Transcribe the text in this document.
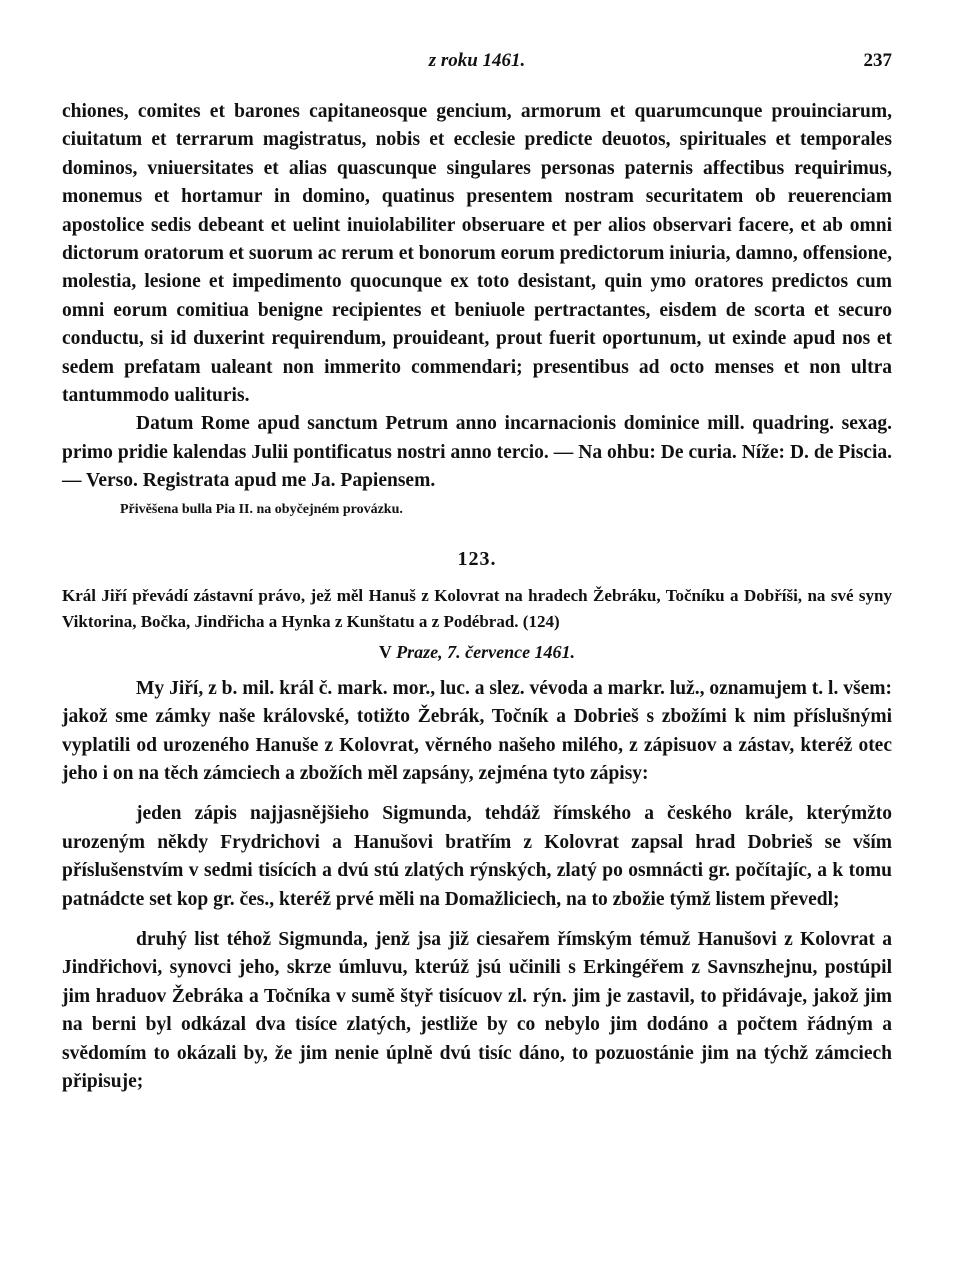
z roku 1461.	237

chiones, comites et barones capitaneosque gencium, armorum et quarumcunque prouinciarum, ciuitatum et terrarum magistratus, nobis et ecclesie predicte deuotos, spirituales et temporales dominos, vniuersitates et alias quascunque singulares personas paternis affectibus requirimus, monemus et hortamur in domino, quatinus presentem nostram securitatem ob reuerenciam apostolice sedis debeant et uelint inuiolabiliter obseruare et per alios observari facere, et ab omni dictorum oratorum et suorum ac rerum et bonorum eorum predictorum iniuria, damno, offensione, molestia, lesione et impedimento quocunque ex toto desistant, quin ymo oratores predictos cum omni eorum comitiua benigne recipientes et beniuole pertractantes, eisdem de scorta et securo conductu, si id duxerint requirendum, prouideant, prout fuerit oportunum, ut exinde apud nos et sedem prefatam ualeant non immerito commendari; presentibus ad octo menses et non ultra tantummodo ualituris.

Datum Rome apud sanctum Petrum anno incarnacionis dominice mill. quadring. sexag. primo pridie kalendas Julii pontificatus nostri anno tercio. — Na ohbu: De curia. Níže: D. de Piscia. — Verso. Registrata apud me Ja. Papiensem.

Přivěšena bulla Pia II. na obyčejném provázku.

123.

Král Jiří převádí zástavní právo, jež měl Hanuš z Kolovrat na hradech Žebráku, Točníku a Dobříši, na své syny Viktorina, Bočka, Jindřicha a Hynka z Kunštatu a z Podébrad. (124)

V Praze, 7. července 1461.

My Jiří, z b. mil. král č. mark. mor., luc. a slez. vévoda a markr. luž., oznamujem t. l. všem: jakož sme zámky naše královské, totižto Žebrák, Točník a Dobrieš s zbožími k nim příslušnými vyplatili od urozeného Hanuše z Kolovrat, věrného našeho milého, z zápisuov a zástav, kteréž otec jeho i on na těch zámciech a zbožích měl zapsány, zejména tyto zápisy:

jeden zápis najjasnějšieho Sigmunda, tehdáž římského a českého krále, kterýmžto urozeným někdy Frydrichovi a Hanušovi bratřím z Kolovrat zapsal hrad Dobrieš se vším příslušenstvím v sedmi tisících a dvú stú zlatých rýnských, zlatý po osmnácti gr. počítajíc, a k tomu patnádcte set kop gr. čes., kteréž prvé měli na Domažliciech, na to zbožie týmž listem převedl;

druhý list téhož Sigmunda, jenž jsa již ciesařem římským témuž Hanušovi z Kolovrat a Jindřichovi, synovci jeho, skrze úmluvu, kterúž jsú učinili s Erkingéřem z Savnszhejnu, postúpil jim hraduov Žebráka a Točníka v sumě štyř tisícuov zl. rýn. jim je zastavil, to přidávaje, jakož jim na berni byl odkázal dva tisíce zlatých, jestliže by co nebylo jim dodáno a počtem řádným a svědomím to okázali by, že jim nenie úplně dvú tisíc dáno, to pozuostánie jim na týchž zámciech připisuje;
